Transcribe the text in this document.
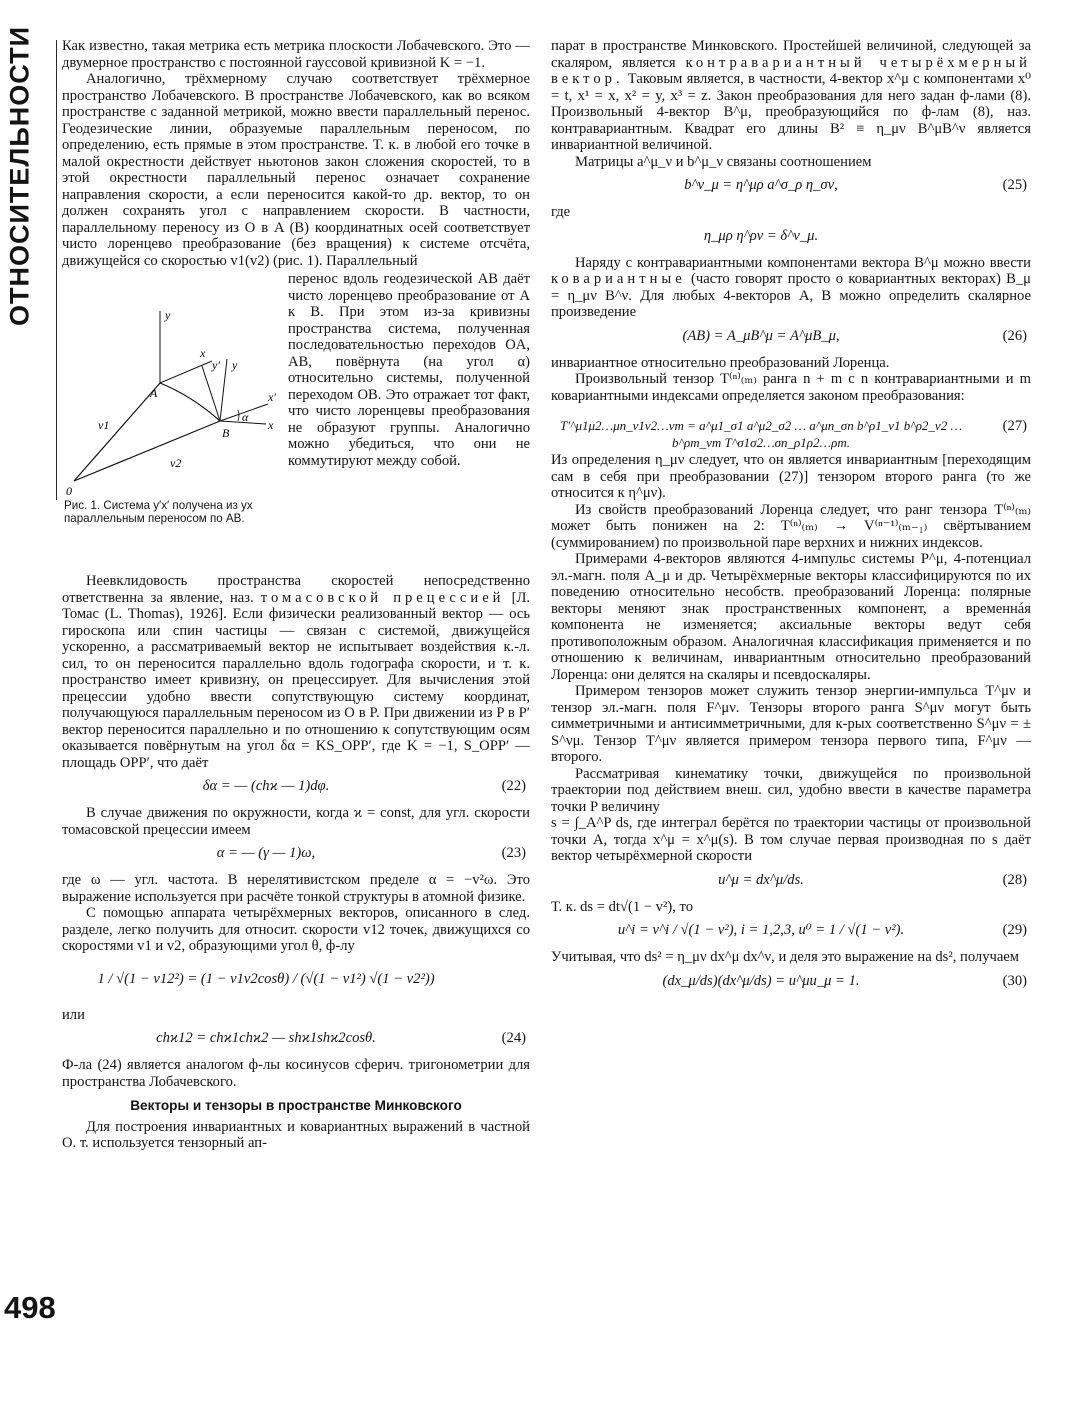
ОТНОСИТЕЛЬНОСТИ
498

Как известно, такая метрика есть метрика плоскости Лобачевского. Это — двумерное пространство с постоянной гауссовой кривизной K = −1.

Аналогично, трёхмерному случаю соответствует трёхмерное пространство Лобачевского. В пространстве Лобачевского, как во всяком пространстве с заданной метрикой, можно ввести параллельный перенос. Геодезические линии, образуемые параллельным переносом, по определению, есть прямые в этом пространстве. Т. к. в любой его точке в малой окрестности действует ньютонов закон сложения скоростей, то в этой окрестности параллельный перенос означает сохранение направления скорости, а если переносится какой-то др. вектор, то он должен сохранять угол с направлением скорости. В частности, параллельному переносу из O в A (B) координатных осей соответствует чисто лоренцево преобразование (без вращения) к системе отсчёта, движущейся со скоростью v1(v2) (рис. 1). Параллельный

y
x
y′ y
x′
x
A
B
α
v1
v2
0
Рис. 1. Система y′x′ получена из yx параллельным переносом по AB.
перенос вдоль геодезической AB даёт чисто лоренцево преобразование от A к B. При этом из-за кривизны пространства система, полученная последовательностью переходов OA, AB, повёрнута (на угол α) относительно системы, полученной переходом OB. Это отражает тот факт, что чисто лоренцевы преобразования не образуют группы. Аналогично можно убедиться, что они не коммутируют между собой.

Неевклидовость пространства скоростей непосредственно ответственна за явление, наз. томасовской прецессией [Л. Томас (L. Thomas), 1926]. Если физически реализованный вектор — ось гироскопа или спин частицы — связан с системой, движущейся ускоренно, а рассматриваемый вектор не испытывает воздействия к.-л. сил, то он переносится параллельно вдоль годографа скорости, и т. к. пространство имеет кривизну, он прецессирует. Для вычисления этой прецессии удобно ввести сопутствующую систему координат, получающуюся параллельным переносом из O в P. При движении из P в P′ вектор переносится параллельно и по отношению к сопутствующим осям оказывается повёрнутым на угол δα = KS_OPP′, где K = −1, S_OPP′ — площадь OPP′, что даёт

δα = — (chϰ — 1)dφ.	(22)

В случае движения по окружности, когда ϰ = const, для угл. скорости томасовской прецессии имеем

α = — (γ — 1)ω,	(23)

где ω — угл. частота. В нерелятивистском пределе α = −v²ω. Это выражение используется при расчёте тонкой структуры в атомной физике.

С помощью аппарата четырёхмерных векторов, описанного в след. разделе, легко получить для относит. скорости v12 точек, движущихся со скоростями v1 и v2, образующими угол θ, ф-лу

1 / √(1 − v12²) = (1 − v1v2cosθ) / (√(1 − v1²) √(1 − v2²))

или

chϰ12 = chϰ1chϰ2 — shϰ1shϰ2cosθ.	(24)

Ф-ла (24) является аналогом ф-лы косинусов сферич. тригонометрии для пространства Лобачевского.

Векторы и тензоры в пространстве Минковского

Для построения инвариантных и ковариантных выражений в частной О. т. используется тензорный ап-

парат в пространстве Минковского. Простейшей величиной, следующей за скаляром, является контравариантный четырёхмерный вектор. Таковым является, в частности, 4-вектор x^μ с компонентами x⁰ = t, x¹ = x, x² = y, x³ = z. Закон преобразования для него задан ф-лами (8). Произвольный 4-вектор B^μ, преобразующийся по ф-лам (8), наз. контравариантным. Квадрат его длины B² ≡ η_μν B^μB^ν является инвариантной величиной.

Матрицы a^μ_ν и b^μ_ν связаны соотношением

b^ν_μ = η^μρ a^σ_ρ η_σν,	(25)

где

η_μρ η^ρν = δ^ν_μ.

Наряду с контравариантными компонентами вектора B^μ можно ввести ковариантные (часто говорят просто о ковариантных векторах) B_μ = η_μν B^ν. Для любых 4-векторов A, B можно определить скалярное произведение

(AB) = A_μB^μ = A^μB_μ,	(26)

инвариантное относительно преобразований Лоренца.

Произвольный тензор T⁽ⁿ⁾₍ₘ₎ ранга n + m с n контравариантными и m ковариантными индексами определяется законом преобразования:

T'^μ1μ2…μn_ν1ν2…νm = a^μ1_σ1 a^μ2_σ2 … a^μn_σn b^ρ1_ν1 b^ρ2_ν2 … b^ρm_νm T^σ1σ2…σn_ρ1ρ2…ρm.
(27)

Из определения η_μν следует, что он является инвариантным [переходящим сам в себя при преобразовании (27)] тензором второго ранга (то же относится к η^μν).

Из свойств преобразований Лоренца следует, что ранг тензора T⁽ⁿ⁾₍ₘ₎ может быть понижен на 2: T⁽ⁿ⁾₍ₘ₎ → V⁽ⁿ⁻¹⁾₍ₘ₋₁₎ свёртыванием (суммированием) по произвольной паре верхних и нижних индексов.

Примерами 4-векторов являются 4-импульс системы P^μ, 4-потенциал эл.-магн. поля A_μ и др. Четырёхмерные векторы классифицируются по их поведению относительно несобств. преобразований Лоренца: полярные векторы меняют знак пространственных компонент, а временнáя компонента не изменяется; аксиальные векторы ведут себя противоположным образом. Аналогичная классификация применяется и по отношению к величинам, инвариантным относительно преобразований Лоренца: они делятся на скаляры и псевдоскаляры.

Примером тензоров может служить тензор энергии-импульса T^μν и тензор эл.-магн. поля F^μν. Тензоры второго ранга S^μν могут быть симметричными и антисимметричными, для к-рых соответственно S^μν = ± S^νμ. Тензор T^μν является примером тензора первого типа, F^μν — второго.

Рассматривая кинематику точки, движущейся по произвольной траектории под действием внеш. сил, удобно ввести в качестве параметра точки P величину

s = ∫_A^P ds, где интеграл берётся по траектории частицы от произвольной точки A, тогда x^μ = x^μ(s). В том случае первая производная по s даёт вектор четырёхмерной скорости

u^μ = dx^μ/ds.	(28)

Т. к. ds = dt√(1 − v²), то

u^i = v^i / √(1 − v²), i = 1,2,3, u⁰ = 1 / √(1 − v²).	(29)

Учитывая, что ds² = η_μν dx^μ dx^ν, и деля это выражение на ds², получаем

(dx_μ/ds)(dx^μ/ds) = u^μu_μ = 1.	(30)
